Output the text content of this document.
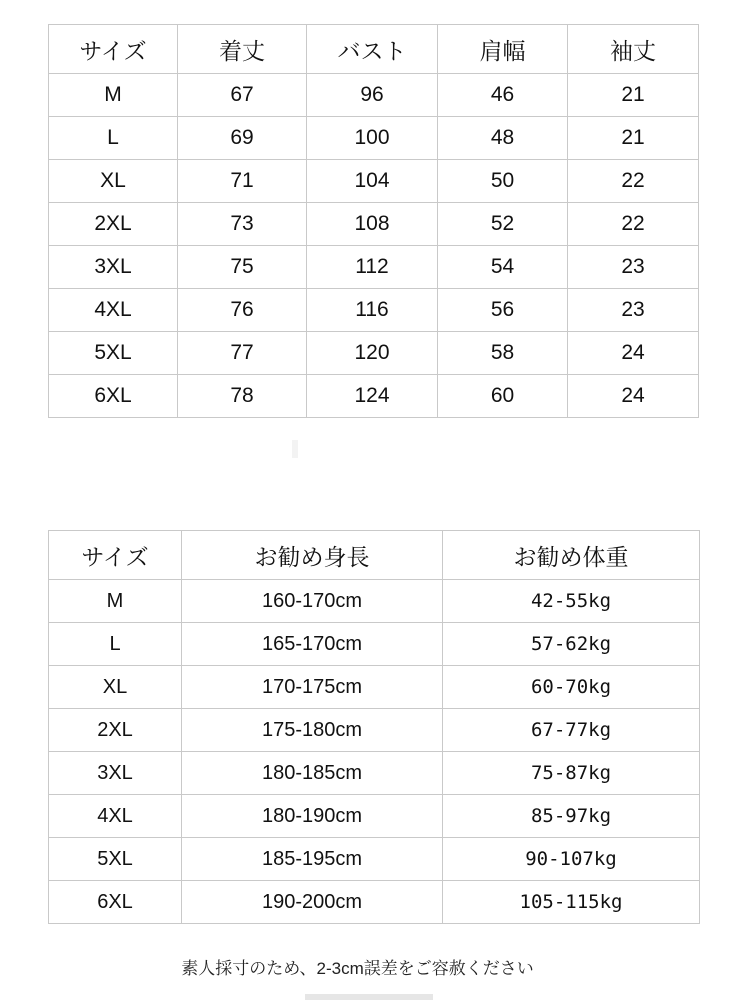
サイズ	着丈	バスト	肩幅	袖丈
M	67	96	46	21
L	69	100	48	21
XL	71	104	50	22
2XL	73	108	52	22
3XL	75	112	54	23
4XL	76	116	56	23
5XL	77	120	58	24
6XL	78	124	60	24
サイズ	お勧め身長	お勧め体重
M	160-170cm	42-55kg
L	165-170cm	57-62kg
XL	170-175cm	60-70kg
2XL	175-180cm	67-77kg
3XL	180-185cm	75-87kg
4XL	180-190cm	85-97kg
5XL	185-195cm	90-107kg
6XL	190-200cm	105-115kg
素人採寸のため、2-3cm誤差をご容赦ください
